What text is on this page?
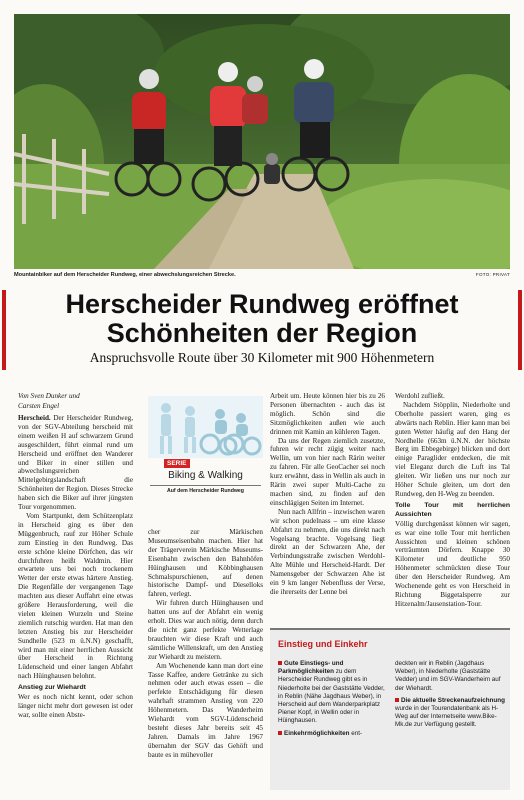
Mountainbiker auf dem Herscheider Rundweg, einer abwechslungsreichen Strecke.	FOTO: PRIVAT
Herscheider Rundweg eröffnet
Schönheiten der Region
Anspruchsvolle Route über 30 Kilometer mit 900 Höhenmetern

Von Sven Dunker und
Carsten Engel

Herscheid. Der Herscheider Rundweg, von der SGV-Abteilung herscheid mit einem weißen H auf schwarzem Grund ausgeschildert, führt einmal rund um Herscheid und eröffnet den Wanderer und Biker in einer stillen und abwechslungsreichen Mittelgebirgslandschaft die Schönheiten der Region. Dieses Strecke haben sich die Biker auf ihrer jüngsten Tour vorgenommen.

Vom Startpunkt, dem Schützenplatz in Herscheid ging es über den Müggenbruch, rauf zur Höher Schule zum Einstieg in den Rundweg. Das erste schöne kleine Dörfchen, das wir durchfuhren heißt Waldmin. Hier erwartete uns bei noch trockenem Wetter der erste etwas härtere Anstieg. Die Regenfälle der vergangenen Tage machten aus dieser Auffahrt eine etwas größere Herausforderung, weil die vielen kleinen Wurzeln und Steine ziemlich rutschig wurden. Hat man den letzten Anstieg bis zur Herscheider Sundhelle (523 m ü.N.N) geschafft, wird man mit einer herrlichen Aussicht über Herscheid in Richtung Lüdenscheid und einer langen Abfahrt nach Hüinghausen belohnt.

Anstieg zur Wiehardt

Wer es noch nicht kennt, oder schon länger nicht mehr dort gewesen ist oder war, sollte einen Abste-

SERIE
Biking & Walking
Auf dem Herscheider Rundweg

cher zur Märkischen Museumseisenbahn machen. Hier hat der Trägerverein Märkische Museums-Eisenbahn zwischen den Bahnhöfen Hüinghausen und Köbbinghausen Schmalspurschienen, auf denen historische Dampf- und Dieselloks fahren, verlegt.

Wir fuhren durch Hüinghausen und hatten uns auf der Abfahrt ein wenig erholt. Dies war auch nötig, denn durch die nicht ganz perfekte Wetterlage brauchten wir diese Kraft und auch sämtliche Willenskraft, um den Anstieg zur Wiehardt zu meistern.

Am Wochenende kann man dort eine Tasse Kaffee, andere Getränke zu sich nehmen oder auch etwas essen – die perfekte Entschädigung für diesen wahrhaft strammen Anstieg von 220 Höhenmetern. Das Wanderheim Wiehardt vom SGV-Lüdenscheid besteht dieses Jahr bereits seit 45 Jahren. Damals im Jahre 1967 übernahm der SGV das Gehöft und baute es in mühevoller

Arbeit um. Heute können hier bis zu 26 Personen übernachten - auch das ist möglich. Schön sind die Sitzmöglichkeiten außen wie auch drinnen mit Kamin an kühleren Tagen.

Da uns der Regen ziemlich zusetzte, fuhren wir recht zügig weiter nach Wellin, um von hier nach Rärin weiter zu fahren. Für alle GeoCacher sei noch kurz erwähnt, dass in Wellin als auch in Rärin zwei super Multi-Cache zu machen sind, zu finden auf den einschlägigen Seiten im Internet.

Nun nach Allfrin – inzwischen waren wir schon pudelnass – um eine klasse Abfahrt zu nehmen, die uns direkt nach Vogelsang brachte. Vogelsang liegt direkt an der Schwarzen Ahe, der Verbindungsstraße zwischen Werdohl-Alte Mühle und Herscheid-Hardt. Der Namensgeber der Schwarzen Ahe ist ein 9 km langer Nebenfluss der Verse, die ihrerseits der Lenne bei

Werdohl zufließt.

Nachdem Stöpplin, Niederholte und Oberholte passiert waren, ging es abwärts nach Reblin. Hier kann man bei guten Wetter häufig auf den Hang der Nordhelle (663m ü.N.N. der höchste Berg im Ebbegebirge) blicken und dort einige Paraglider entdecken, die mit viel Eleganz durch die Luft ins Tal gleiten. Wir ließen uns nur noch zur Höher Schule gleiten, um dort den Rundweg, den H-Weg zu beenden.

Tolle Tour mit herrlichen Aussichten

Völlig durchgenässt können wir sagen, es war eine tolle Tour mit herrlichen Aussichten und kleinen schönen verträumten Dörfern. Knappe 30 Kilometer und deutliche 950 Höhenmeter schmückten diese Tour über den Herscheider Rundweg. Am Wochenende geht es von Herscheid in Richtung Biggetalsperre zur Hitzenalm/Jausenstation-Tour.

Einstieg und Einkehr

Gute Einstiegs- und Parkmöglichkeiten zu dem Herscheider Rundweg gibt es in Niederholte bei der Gaststätte Vedder, in Reblin (Nähe Jagdhaus Weber), in Herscheid auf dem Wanderparkplatz Piener Kopf, in Wellin oder in Hüinghausen.

Einkehrmöglichkeiten ent-

deckten wir in Reblin (Jagdhaus Weber), in Niederholte (Gaststätte Vedder) und im SGV-Wanderheim auf der Wiehardt.

Die aktuelle Streckenaufzeichnung wurde in der Tourendatenbank als H-Weg auf der Internetseite www.Bike-Mk.de zur Verfügung gestellt.
